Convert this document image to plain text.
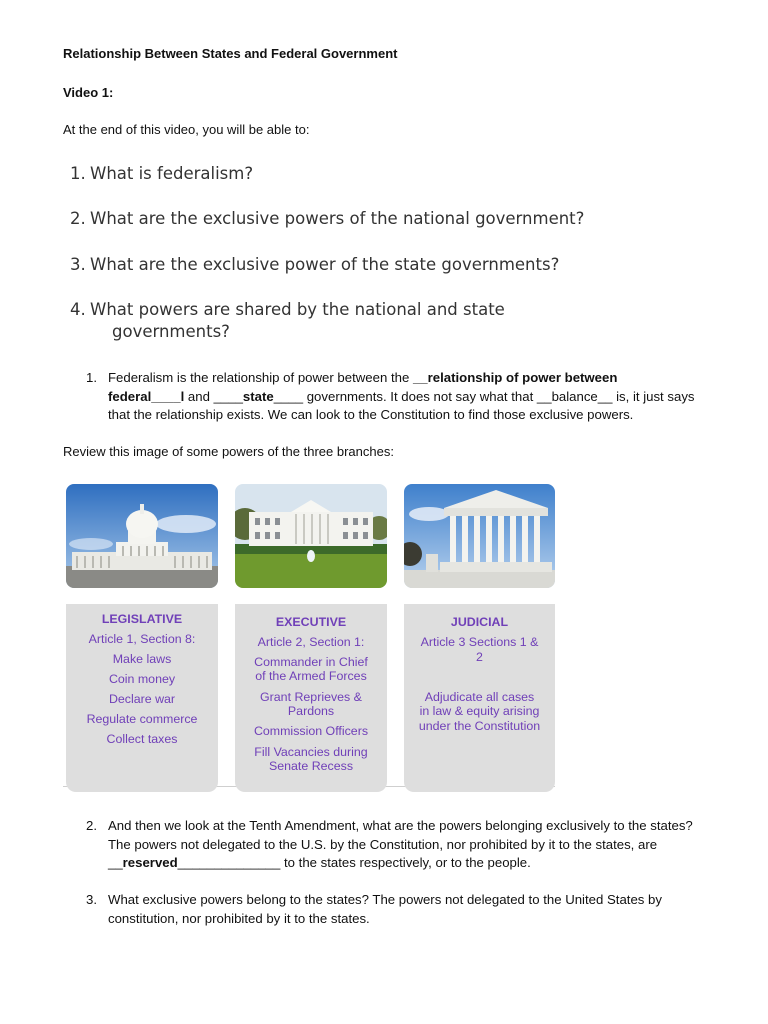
Relationship Between States and Federal Government
Video 1:
At the end of this video, you will be able to:
1. What is federalism?
2. What are the exclusive powers of the national government?
3. What are the exclusive power of the state governments?
4. What powers are shared by the national and state
governments?
1. Federalism is the relationship of power between the __relationship of power between federal____l and ____state____ governments. It does not say what that __balance__ is, it just says that the relationship exists. We can look to the Constitution to find those exclusive powers.
Review this image of some powers of the three branches:
LEGISLATIVE
Article 1, Section 8:
Make laws
Coin money
Declare war
Regulate commerce
Collect taxes
EXECUTIVE
Article 2, Section 1:
Commander in Chief
of the Armed Forces
Grant Reprieves &
Pardons
Commission Officers
Fill Vacancies during
Senate Recess
JUDICIAL
Article 3 Sections 1 &
2
Adjudicate all cases
in law & equity arising
under the Constitution
2. And then we look at the Tenth Amendment, what are the powers belonging exclusively to the states? The powers not delegated to the U.S. by the Constitution, nor prohibited by it to the states, are __reserved______________ to the states respectively, or to the people.
3. What exclusive powers belong to the states? The powers not delegated to the United States by constitution, nor prohibited by it to the states.
